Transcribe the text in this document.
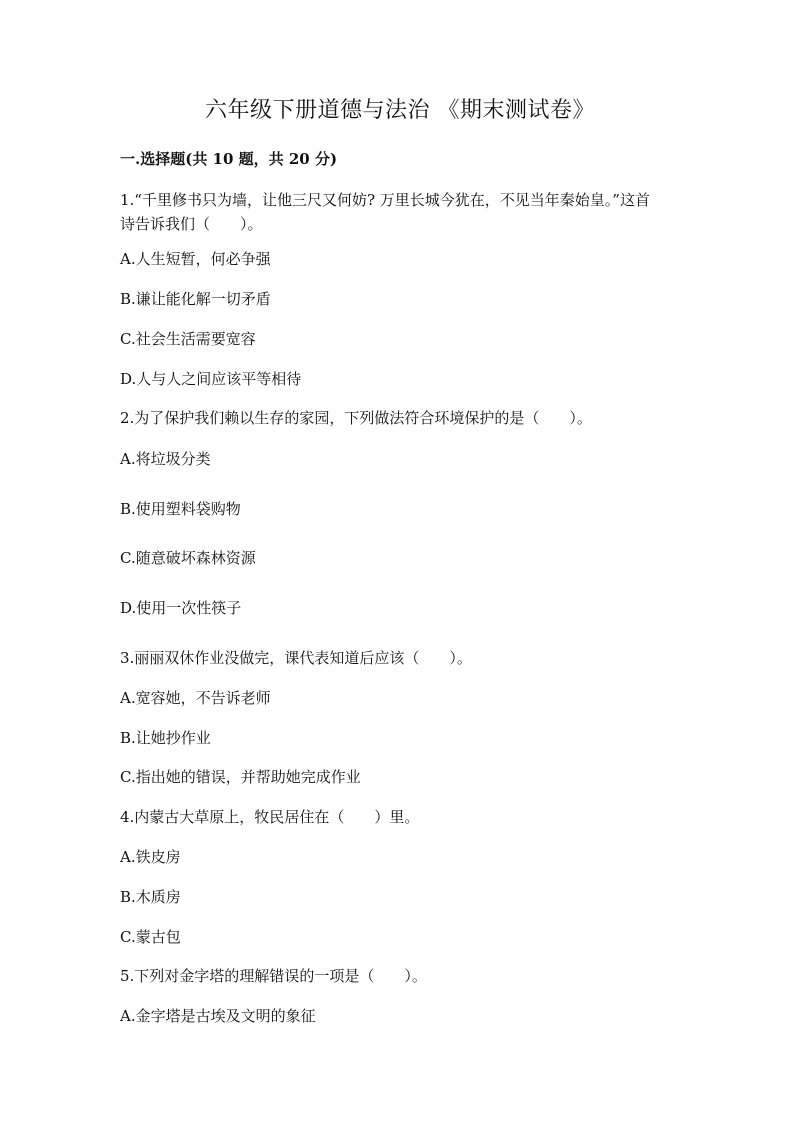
六年级下册道德与法治 《期末测试卷》
一.选择题(共 10 题，共 20 分)
1.“千里修书只为墙，让他三尺又何妨? 万里长城今犹在，不见当年秦始皇。”这首诗告诉我们（　　）。
A.人生短暂，何必争强
B.谦让能化解一切矛盾
C.社会生活需要宽容
D.人与人之间应该平等相待
2.为了保护我们赖以生存的家园，下列做法符合环境保护的是（　　）。
A.将垃圾分类
B.使用塑料袋购物
C.随意破坏森林资源
D.使用一次性筷子
3.丽丽双休作业没做完，课代表知道后应该（　　）。
A.宽容她，不告诉老师
B.让她抄作业
C.指出她的错误，并帮助她完成作业
4.内蒙古大草原上，牧民居住在（　　）里。
A.铁皮房
B.木质房
C.蒙古包
5.下列对金字塔的理解错误的一项是（　　）。
A.金字塔是古埃及文明的象征
